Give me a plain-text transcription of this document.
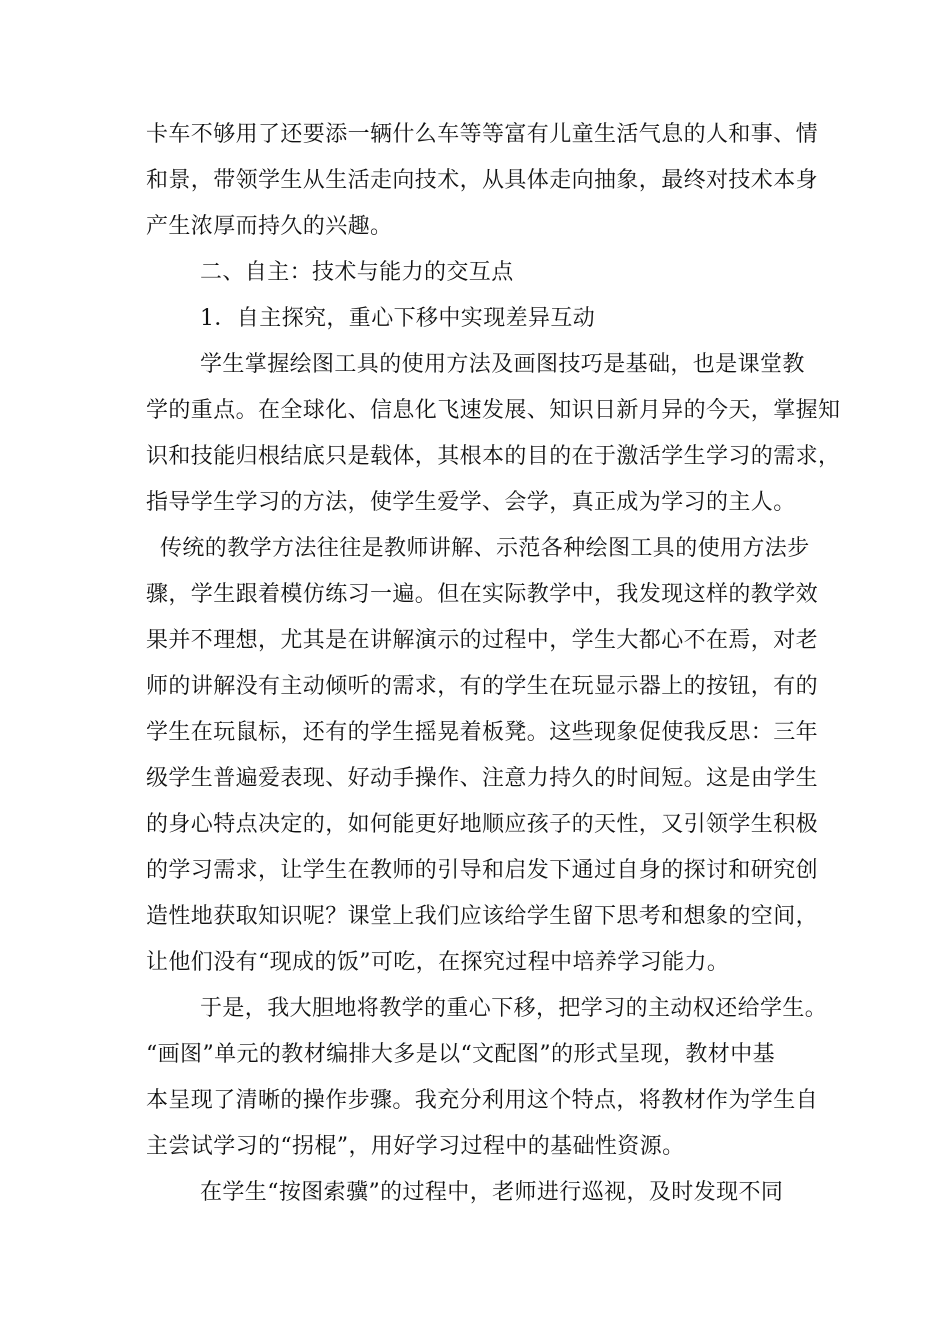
卡车不够用了还要添一辆什么车等等富有儿童生活气息的人和事、情
和景，带领学生从生活走向技术，从具体走向抽象，最终对技术本身
产生浓厚而持久的兴趣。
二、自主：技术与能力的交互点
1．自主探究，重心下移中实现差异互动
学生掌握绘图工具的使用方法及画图技巧是基础，也是课堂教
学的重点。在全球化、信息化飞速发展、知识日新月异的今天，掌握知
识和技能归根结底只是载体，其根本的目的在于激活学生学习的需求，
指导学生学习的方法，使学生爱学、会学，真正成为学习的主人。
传统的教学方法往往是教师讲解、示范各种绘图工具的使用方法步
骤，学生跟着模仿练习一遍。但在实际教学中，我发现这样的教学效
果并不理想，尤其是在讲解演示的过程中，学生大都心不在焉，对老
师的讲解没有主动倾听的需求，有的学生在玩显示器上的按钮，有的
学生在玩鼠标，还有的学生摇晃着板凳。这些现象促使我反思：三年
级学生普遍爱表现、好动手操作、注意力持久的时间短。这是由学生
的身心特点决定的，如何能更好地顺应孩子的天性，又引领学生积极
的学习需求，让学生在教师的引导和启发下通过自身的探讨和研究创
造性地获取知识呢？课堂上我们应该给学生留下思考和想象的空间，
让他们没有“现成的饭”可吃，在探究过程中培养学习能力。
于是，我大胆地将教学的重心下移，把学习的主动权还给学生。
“画图”单元的教材编排大多是以“文配图”的形式呈现，教材中基
本呈现了清晰的操作步骤。我充分利用这个特点，将教材作为学生自
主尝试学习的“拐棍”，用好学习过程中的基础性资源。
在学生“按图索骥”的过程中，老师进行巡视，及时发现不同
